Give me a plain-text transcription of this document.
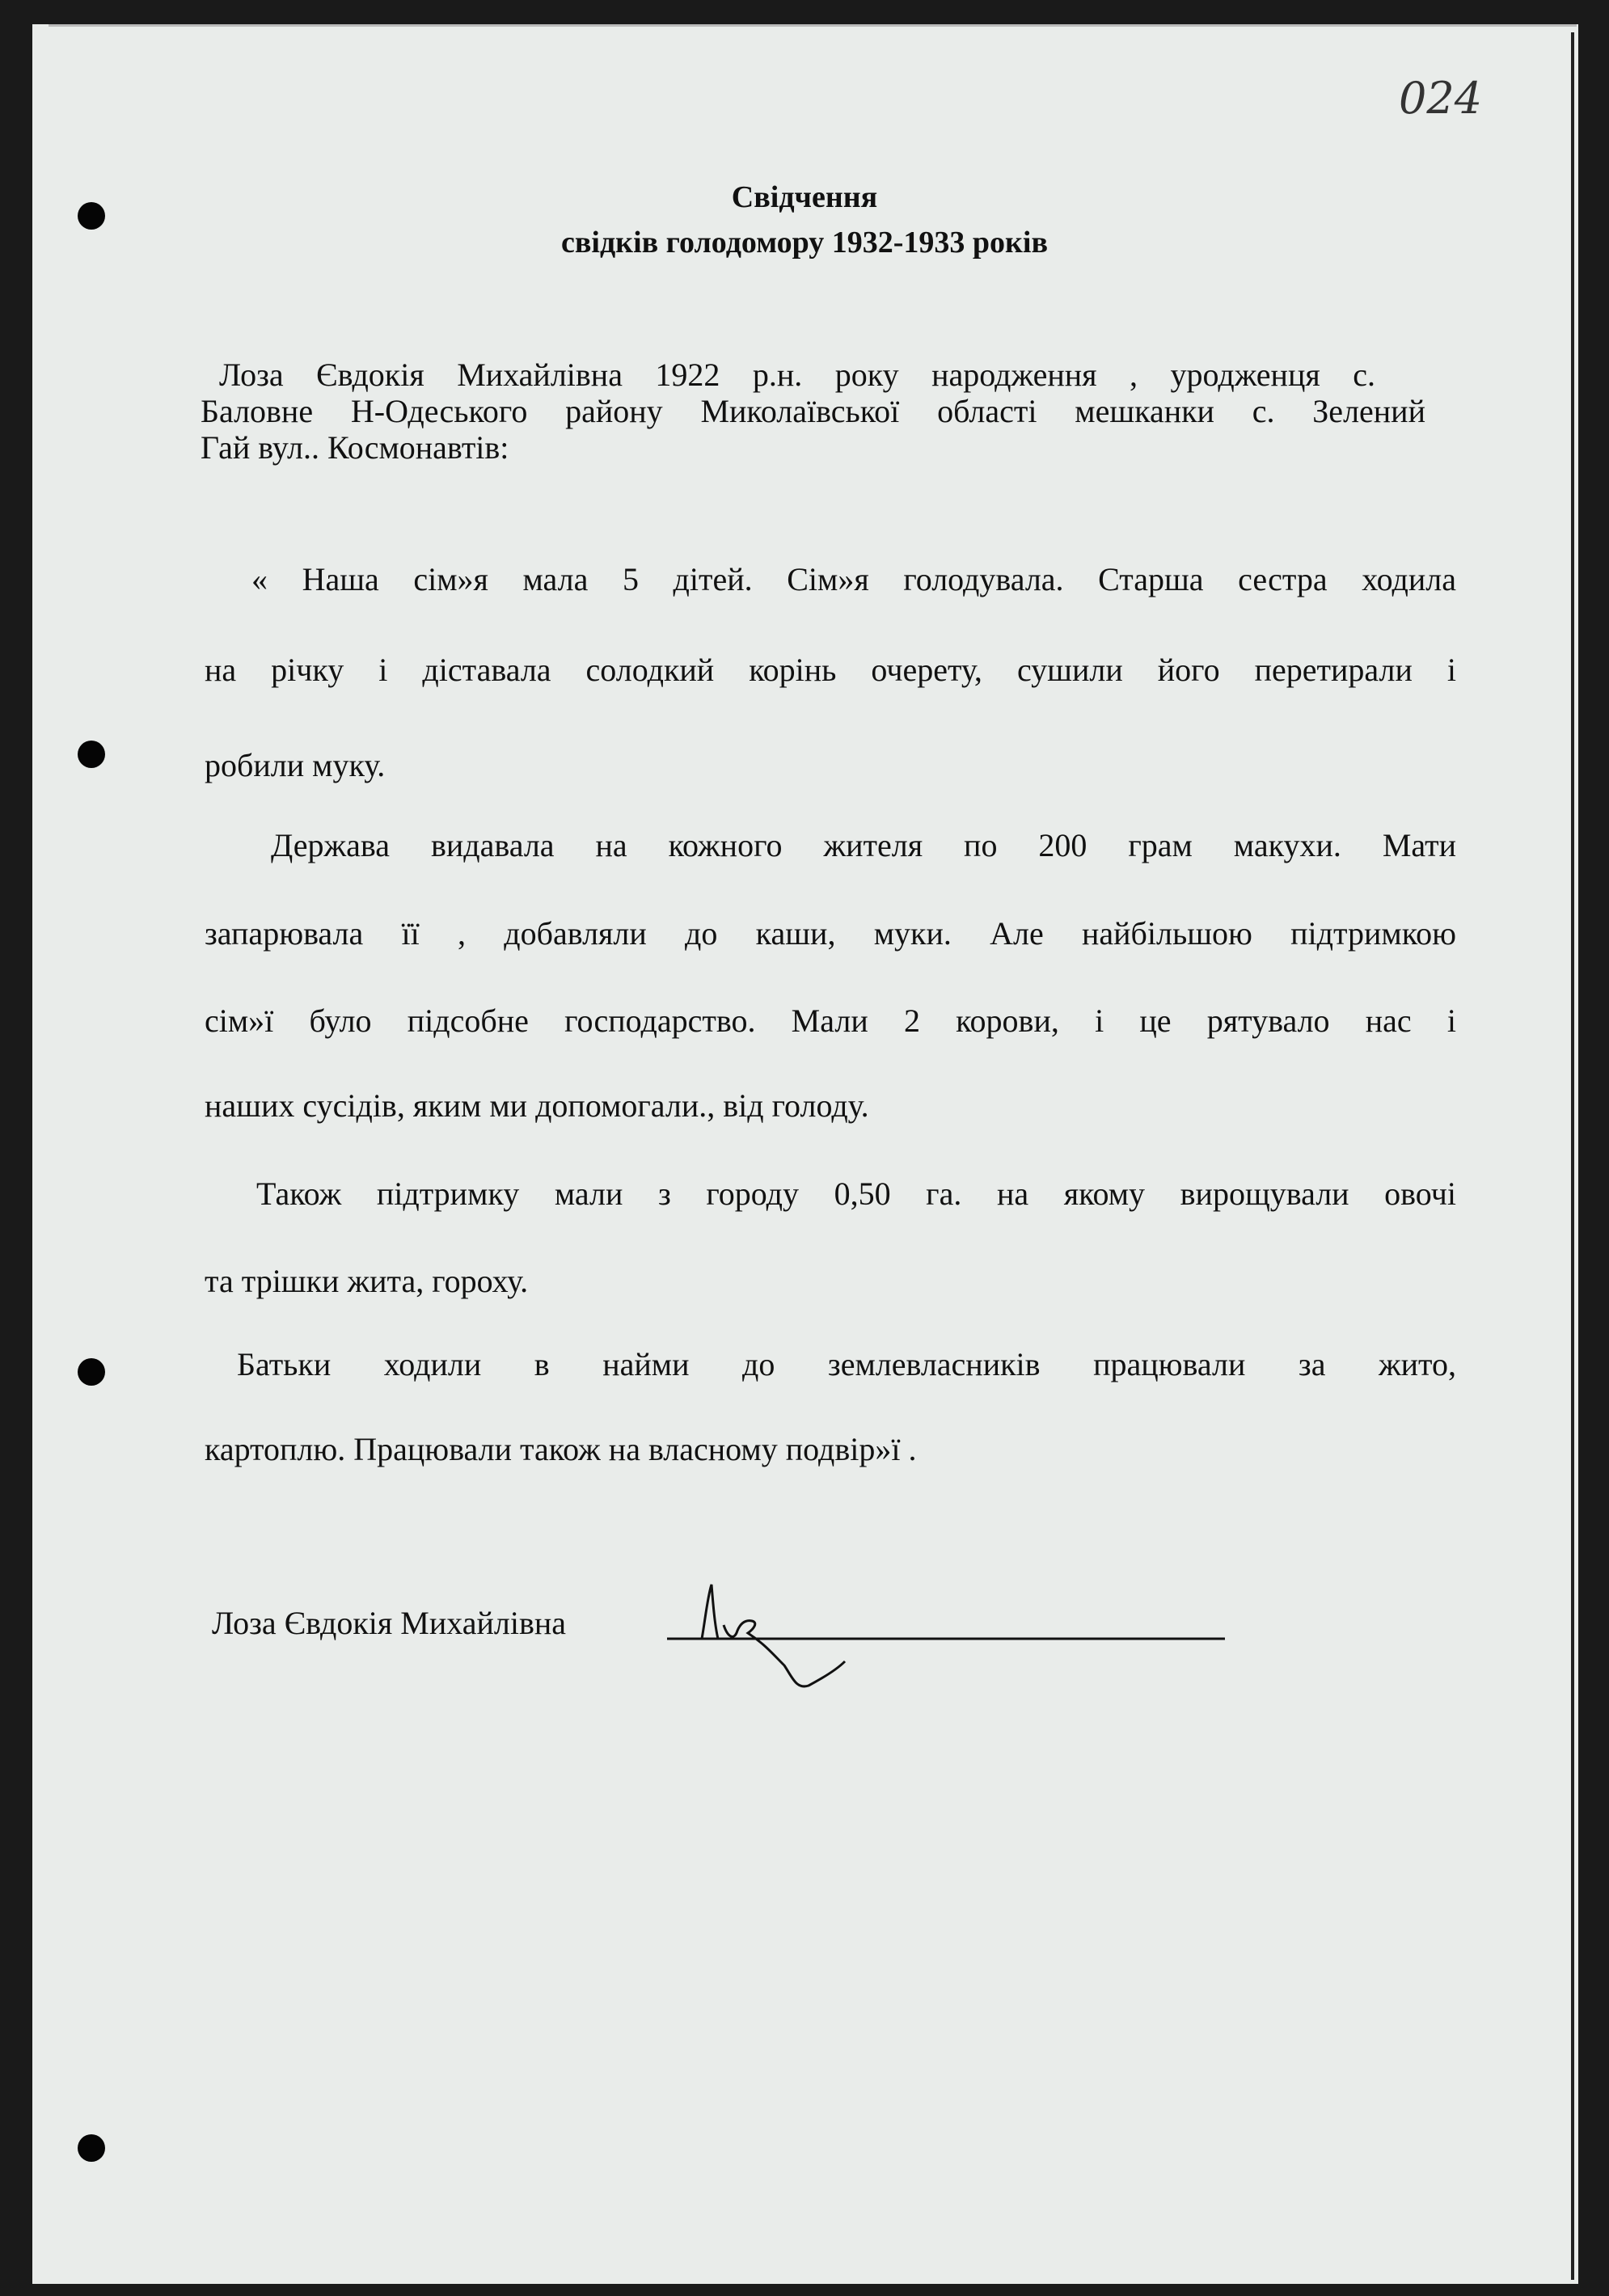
024
Свідчення
свідків голодомору 1932-1933 років
Лоза Євдокія Михайлівна 1922 р.н. року народження , уродженця с.
Баловне Н-Одеського району Миколаївської області мешканки с. Зелений
Гай вул.. Космонавтів:
« Наша сім»я мала 5 дітей. Сім»я голодувала. Старша сестра ходила
на річку і діставала солодкий корінь очерету, сушили його перетирали і
робили муку.
Держава видавала на кожного жителя по 200 грам макухи. Мати
запарювала її , добавляли до каши, муки. Але найбільшою підтримкою
сім»ї було підсобне господарство. Мали 2 корови, і це рятувало нас і
наших сусідів, яким ми допомогали., від голоду.
Також підтримку мали з городу 0,50 га. на якому вирощували овочі
та трішки жита, гороху.
Батьки ходили в найми до землевласників працювали за жито,
картоплю. Працювали також на власному подвір»ї .
Лоза Євдокія Михайлівна
